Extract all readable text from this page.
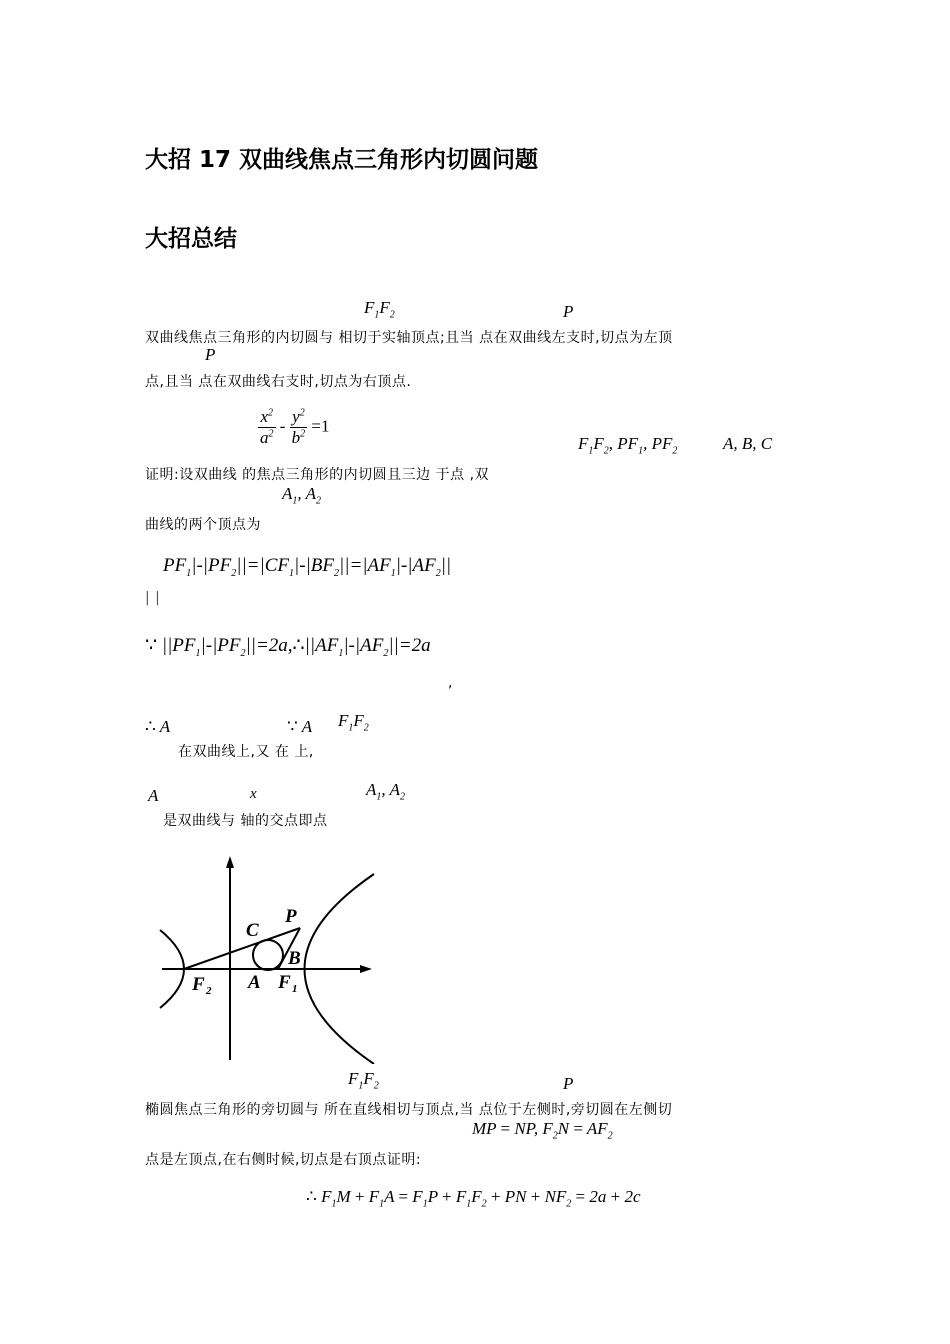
大招 17 双曲线焦点三角形内切圆问题
大招总结
$F_1F_2$	P
双曲线焦点三角形的内切圆与 相切于实轴顶点;且当 点在双曲线左支时,切点为左顶
P
点,且当 点在双曲线右支时,切点为右顶点.
$\frac{x^2}{a^2} - \frac{y^2}{b^2} =1$
$F_1F_2$, $PF_1$, $PF_2$	A, B, C
证明:设双曲线 的焦点三角形的内切圆且三边 于点 ,双
$A_1$, $A_2$
曲线的两个顶点为
$PF_1|-|PF_2||=|CF_1|-|BF_2||=|AF_1|-|AF_2||$
| |
∵ $||PF_1|-|PF_2||=2a,\therefore||AF_1|-|AF_2||=2a$
,
∴ A	∵ A $F_1F_2$
在双曲线上,又 在 上,
A	x	$A_1$, $A_2$
是双曲线与 轴的交点即点
P
C
B
A
F 2	F 1
$F_1F_2$	P
椭圆焦点三角形的旁切圆与 所在直线相切与顶点,当 点位于左侧时,旁切圆在左侧切
MP = NP, $F_2N = AF_2$
点是左顶点,在右侧时候,切点是右顶点证明:
∴ $F_1M + F_1A = F_1P + F_1F_2$ + PN + $NF_2 = 2a + 2c$
